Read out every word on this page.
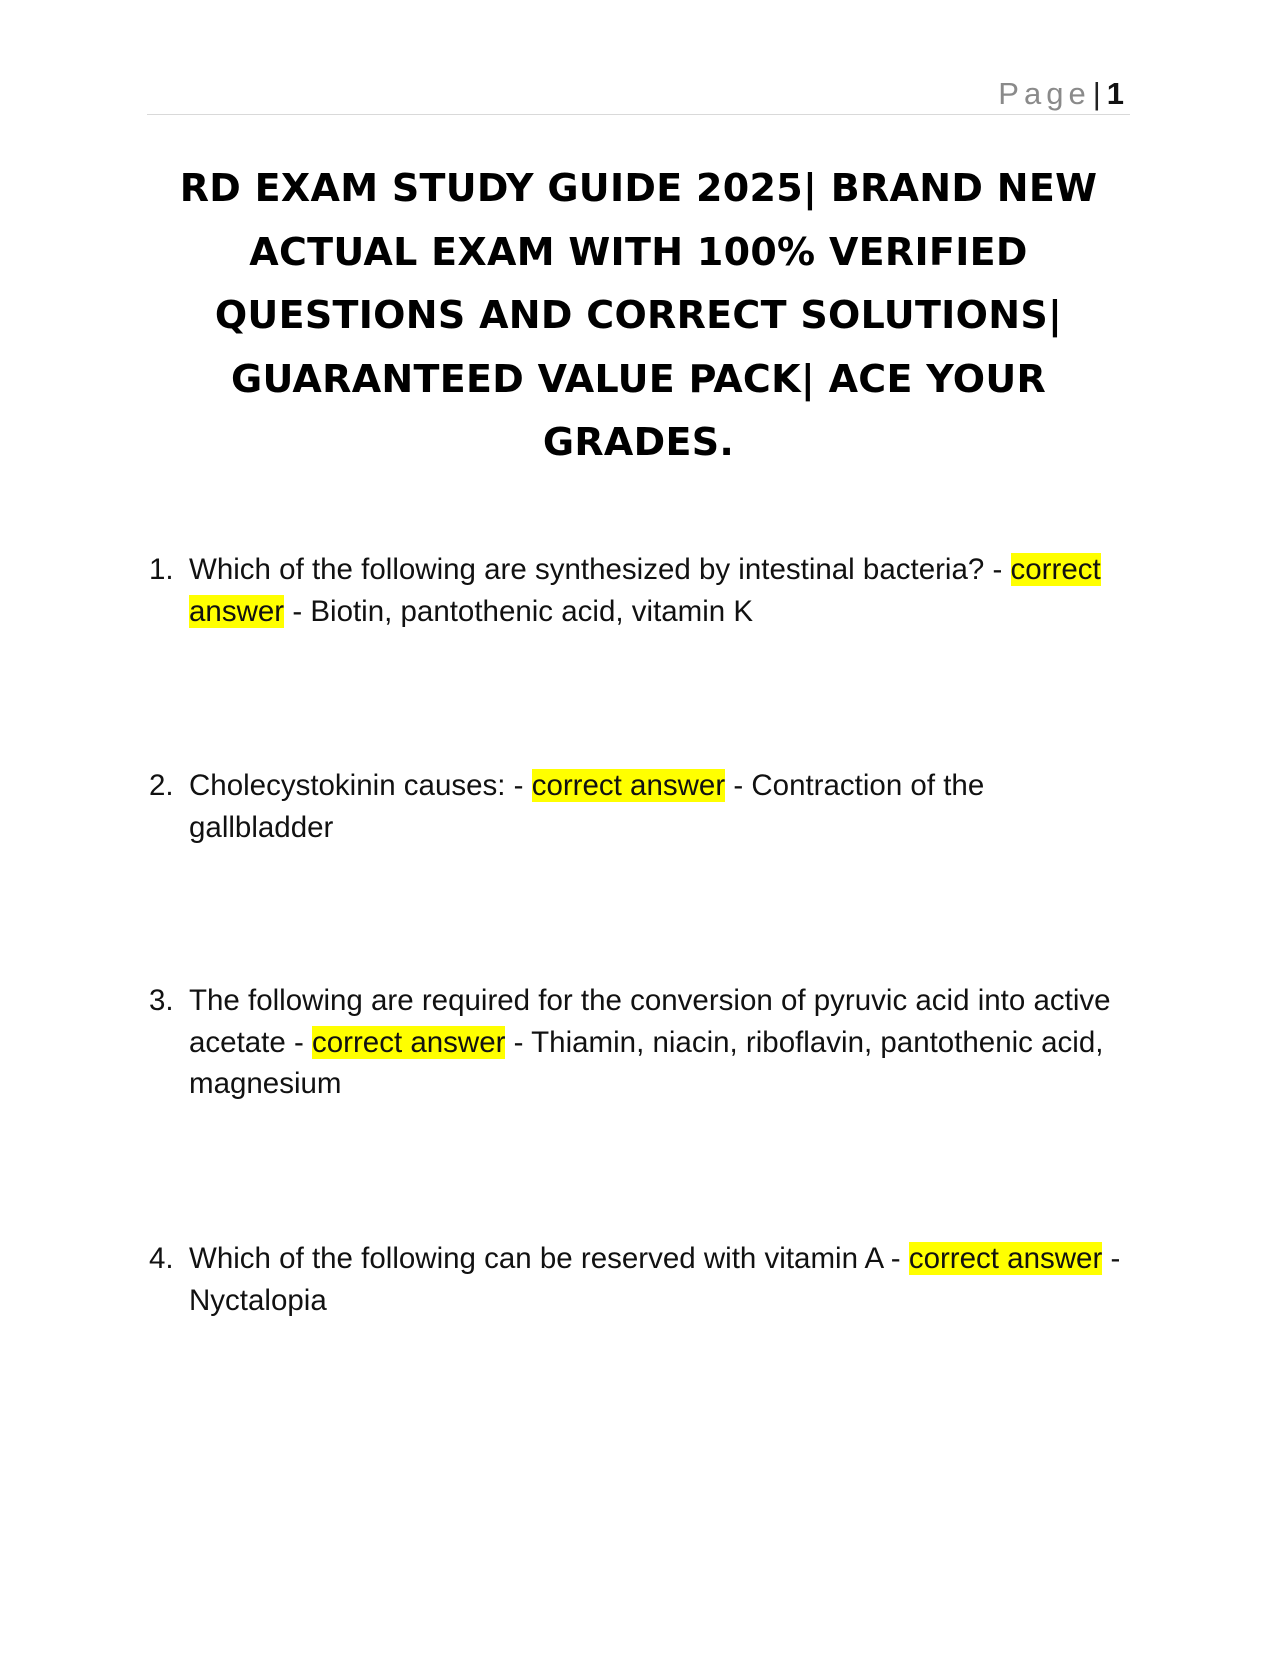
Page| 1
RD EXAM STUDY GUIDE 2025| BRAND NEW ACTUAL EXAM WITH 100% VERIFIED QUESTIONS AND CORRECT SOLUTIONS| GUARANTEED VALUE PACK| ACE YOUR GRADES.
1. Which of the following are synthesized by intestinal bacteria? - correct answer - Biotin, pantothenic acid, vitamin K
2. Cholecystokinin causes: - correct answer - Contraction of the gallbladder
3. The following are required for the conversion of pyruvic acid into active acetate - correct answer - Thiamin, niacin, riboflavin, pantothenic acid, magnesium
4. Which of the following can be reserved with vitamin A - correct answer - Nyctalopia
